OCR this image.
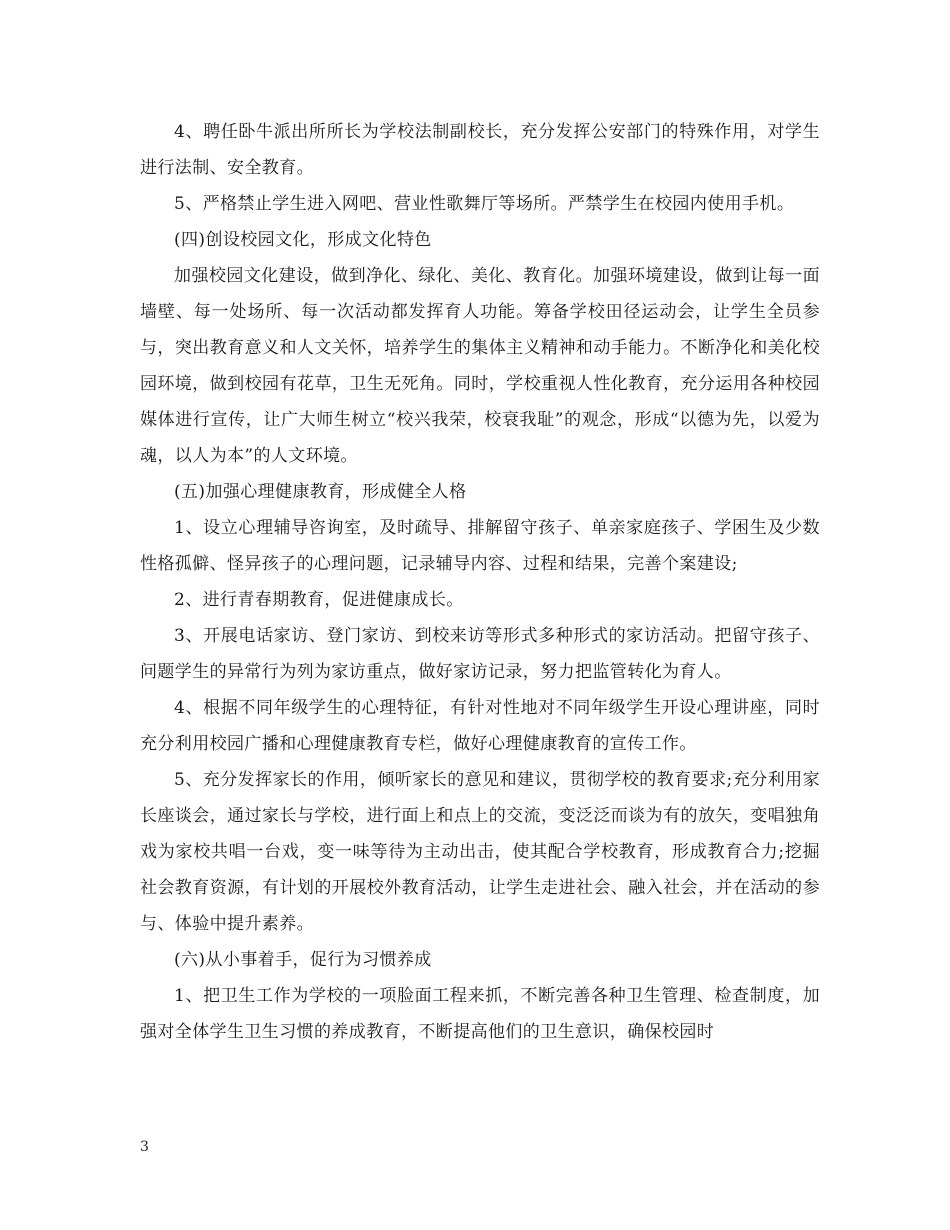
4、聘任卧牛派出所所长为学校法制副校长，充分发挥公安部门的特殊作用，对学生进行法制、安全教育。

5、严格禁止学生进入网吧、营业性歌舞厅等场所。严禁学生在校园内使用手机。

(四)创设校园文化，形成文化特色

加强校园文化建设，做到净化、绿化、美化、教育化。加强环境建设，做到让每一面墙壁、每一处场所、每一次活动都发挥育人功能。筹备学校田径运动会，让学生全员参与，突出教育意义和人文关怀，培养学生的集体主义精神和动手能力。不断净化和美化校园环境，做到校园有花草，卫生无死角。同时，学校重视人性化教育，充分运用各种校园媒体进行宣传，让广大师生树立“校兴我荣，校衰我耻”的观念，形成“以德为先，以爱为魂，以人为本”的人文环境。

(五)加强心理健康教育，形成健全人格

1、设立心理辅导咨询室，及时疏导、排解留守孩子、单亲家庭孩子、学困生及少数性格孤僻、怪异孩子的心理问题，记录辅导内容、过程和结果，完善个案建设;

2、进行青春期教育，促进健康成长。

3、开展电话家访、登门家访、到校来访等形式多种形式的家访活动。把留守孩子、问题学生的异常行为列为家访重点，做好家访记录，努力把监管转化为育人。

4、根据不同年级学生的心理特征，有针对性地对不同年级学生开设心理讲座，同时充分利用校园广播和心理健康教育专栏，做好心理健康教育的宣传工作。

5、充分发挥家长的作用，倾听家长的意见和建议，贯彻学校的教育要求;充分利用家长座谈会，通过家长与学校，进行面上和点上的交流，变泛泛而谈为有的放矢，变唱独角戏为家校共唱一台戏，变一味等待为主动出击，使其配合学校教育，形成教育合力;挖掘社会教育资源，有计划的开展校外教育活动，让学生走进社会、融入社会，并在活动的参与、体验中提升素养。

(六)从小事着手，促行为习惯养成

1、把卫生工作为学校的一项脸面工程来抓，不断完善各种卫生管理、检查制度，加强对全体学生卫生习惯的养成教育，不断提高他们的卫生意识，确保校园时

3
